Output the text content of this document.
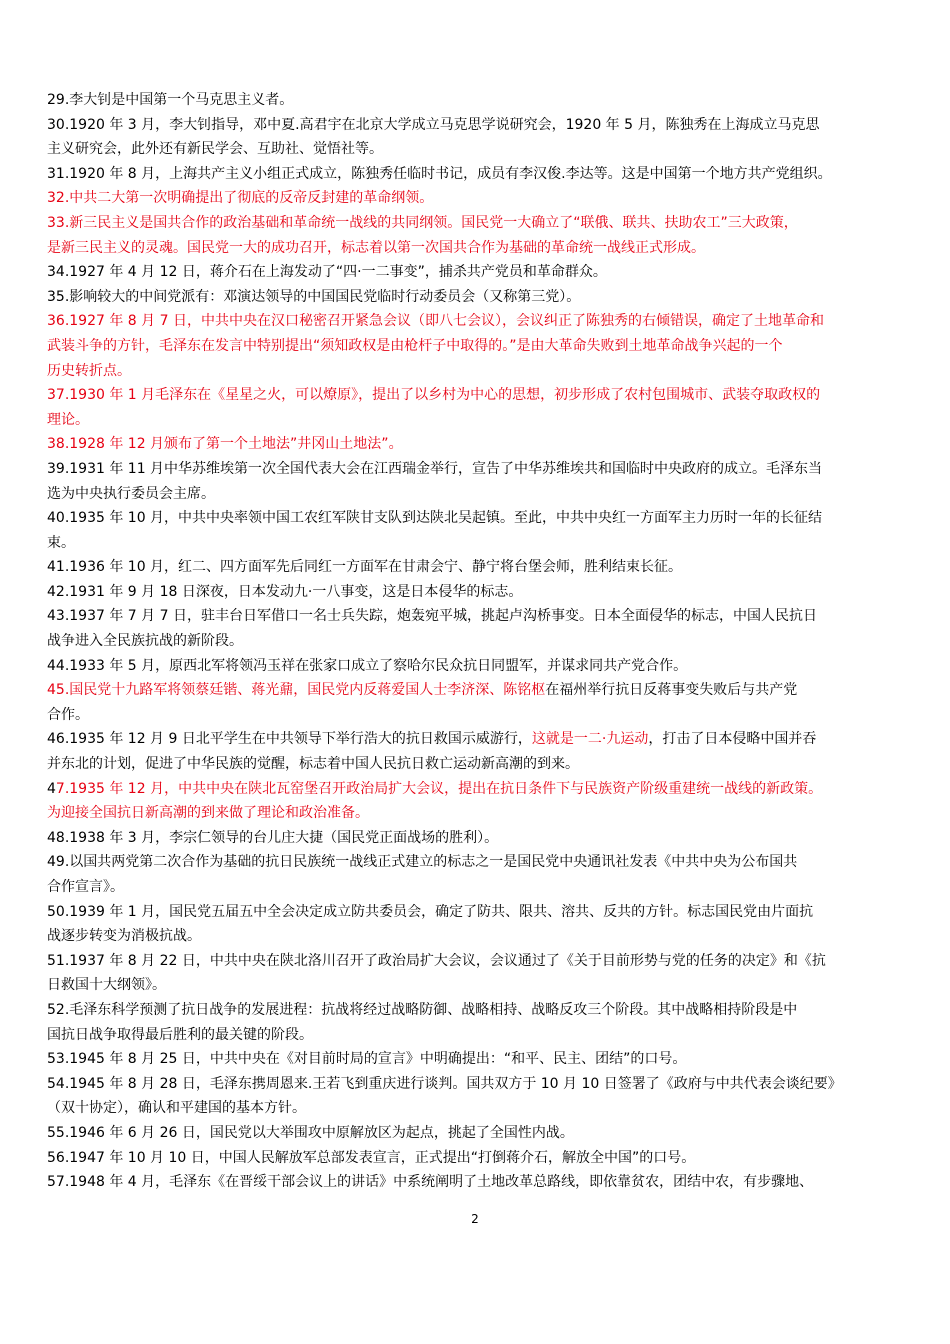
29.李大钊是中国第一个马克思主义者。
30.1920 年 3 月，李大钊指导，邓中夏.高君宇在北京大学成立马克思学说研究会，1920 年 5 月，陈独秀在上海成立马克思
主义研究会，此外还有新民学会、互助社、觉悟社等。
31.1920 年 8 月，上海共产主义小组正式成立，陈独秀任临时书记，成员有李汉俊.李达等。这是中国第一个地方共产党组织。
32.中共二大第一次明确提出了彻底的反帝反封建的革命纲领。
33.新三民主义是国共合作的政治基础和革命统一战线的共同纲领。国民党一大确立了“联俄、联共、扶助农工”三大政策，
是新三民主义的灵魂。国民党一大的成功召开，标志着以第一次国共合作为基础的革命统一战线正式形成。
34.1927 年 4 月 12 日，蒋介石在上海发动了“四·一二事变”，捕杀共产党员和革命群众。
35.影响较大的中间党派有：邓演达领导的中国国民党临时行动委员会（又称第三党）。
36.1927 年 8 月 7 日，中共中央在汉口秘密召开紧急会议（即八七会议），会议纠正了陈独秀的右倾错误，确定了土地革命和
武装斗争的方针，毛泽东在发言中特别提出“须知政权是由枪杆子中取得的。”是由大革命失败到土地革命战争兴起的一个
历史转折点。
37.1930 年 1 月毛泽东在《星星之火，可以燎原》，提出了以乡村为中心的思想，初步形成了农村包围城市、武装夺取政权的
理论。
38.1928 年 12 月颁布了第一个土地法”井冈山土地法”。
39.1931 年 11 月中华苏维埃第一次全国代表大会在江西瑞金举行，宣告了中华苏维埃共和国临时中央政府的成立。毛泽东当
选为中央执行委员会主席。
40.1935 年 10 月，中共中央率领中国工农红军陕甘支队到达陕北吴起镇。至此，中共中央红一方面军主力历时一年的长征结
束。
41.1936 年 10 月，红二、四方面军先后同红一方面军在甘肃会宁、静宁将台堡会师，胜利结束长征。
42.1931 年 9 月 18 日深夜，日本发动九·一八事变，这是日本侵华的标志。
43.1937 年 7 月 7 日，驻丰台日军借口一名士兵失踪，炮轰宛平城，挑起卢沟桥事变。日本全面侵华的标志，中国人民抗日
战争进入全民族抗战的新阶段。
44.1933 年 5 月，原西北军将领冯玉祥在张家口成立了察哈尔民众抗日同盟军，并谋求同共产党合作。
45.国民党十九路军将领蔡廷锴、蒋光鼐，国民党内反蒋爱国人士李济深、陈铭枢在福州举行抗日反蒋事变失败后与共产党
合作。
46.1935 年 12 月 9 日北平学生在中共领导下举行浩大的抗日救国示威游行，这就是一二·九运动，打击了日本侵略中国并吞
并东北的计划，促进了中华民族的觉醒，标志着中国人民抗日救亡运动新高潮的到来。
47.1935 年 12 月，中共中央在陕北瓦窑堡召开政治局扩大会议，提出在抗日条件下与民族资产阶级重建统一战线的新政策。
为迎接全国抗日新高潮的到来做了理论和政治准备。
48.1938 年 3 月，李宗仁领导的台儿庄大捷（国民党正面战场的胜利）。
49.以国共两党第二次合作为基础的抗日民族统一战线正式建立的标志之一是国民党中央通讯社发表《中共中央为公布国共
合作宣言》。
50.1939 年 1 月，国民党五届五中全会决定成立防共委员会，确定了防共、限共、溶共、反共的方针。标志国民党由片面抗
战逐步转变为消极抗战。
51.1937 年 8 月 22 日，中共中央在陕北洛川召开了政治局扩大会议，会议通过了《关于目前形势与党的任务的决定》和《抗
日救国十大纲领》。
52.毛泽东科学预测了抗日战争的发展进程：抗战将经过战略防御、战略相持、战略反攻三个阶段。其中战略相持阶段是中
国抗日战争取得最后胜利的最关键的阶段。
53.1945 年 8 月 25 日，中共中央在《对目前时局的宣言》中明确提出：“和平、民主、团结”的口号。
54.1945 年 8 月 28 日，毛泽东携周恩来.王若飞到重庆进行谈判。国共双方于 10 月 10 日签署了《政府与中共代表会谈纪要》
（双十协定），确认和平建国的基本方针。
55.1946 年 6 月 26 日，国民党以大举围攻中原解放区为起点，挑起了全国性内战。
56.1947 年 10 月 10 日，中国人民解放军总部发表宣言，正式提出“打倒蒋介石，解放全中国”的口号。
57.1948 年 4 月，毛泽东《在晋绥干部会议上的讲话》中系统阐明了土地改革总路线，即依靠贫农，团结中农，有步骤地、
2
